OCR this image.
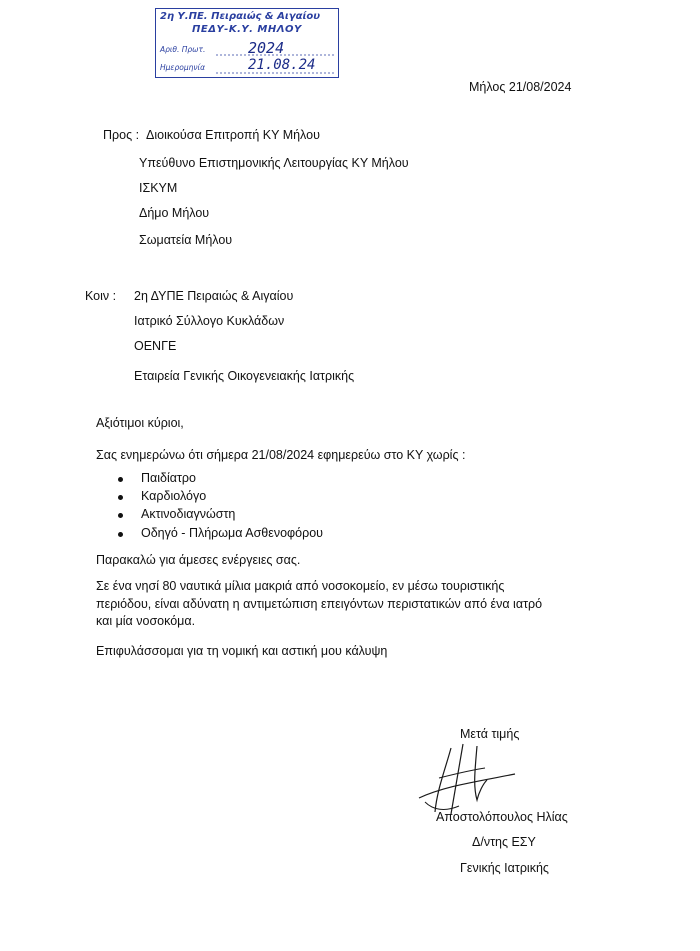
2η Υ.ΠΕ. Πειραιώς & Αιγαίου
ΠΕΔΥ-Κ.Υ. ΜΗΛΟΥ
Αριθ. Πρωτ.	2024
Ημερομηνία	21.08.24
Μήλος 21/08/2024
Προς : Διοικούσα Επιτροπή ΚΥ Μήλου
Υπεύθυνο Επιστημονικής Λειτουργίας ΚΥ Μήλου
ΙΣΚΥΜ
Δήμο Μήλου
Σωματεία Μήλου
Κοιν : 2η ΔΥΠΕ Πειραιώς & Αιγαίου
Ιατρικό Σύλλογο Κυκλάδων
ΟΕΝΓΕ
Εταιρεία Γενικής Οικογενειακής Ιατρικής
Αξιότιμοι κύριοι,
Σας ενημερώνω ότι σήμερα 21/08/2024 εφημερεύω στο ΚΥ χωρίς :
Παιδίατρο
Καρδιολόγο
Ακτινοδιαγνώστη
Οδηγό - Πλήρωμα Ασθενοφόρου
Παρακαλώ για άμεσες ενέργειες σας.
Σε ένα νησί 80 ναυτικά μίλια μακριά από νοσοκομείο, εν μέσω τουριστικής
περιόδου, είναι αδύνατη η αντιμετώπιση επειγόντων περιστατικών από ένα ιατρό
και μία νοσοκόμα.
Επιφυλάσσομαι για τη νομική και αστική μου κάλυψη
Μετά τιμής
Αποστολόπουλος Ηλίας
Δ/ντης ΕΣΥ
Γενικής Ιατρικής
